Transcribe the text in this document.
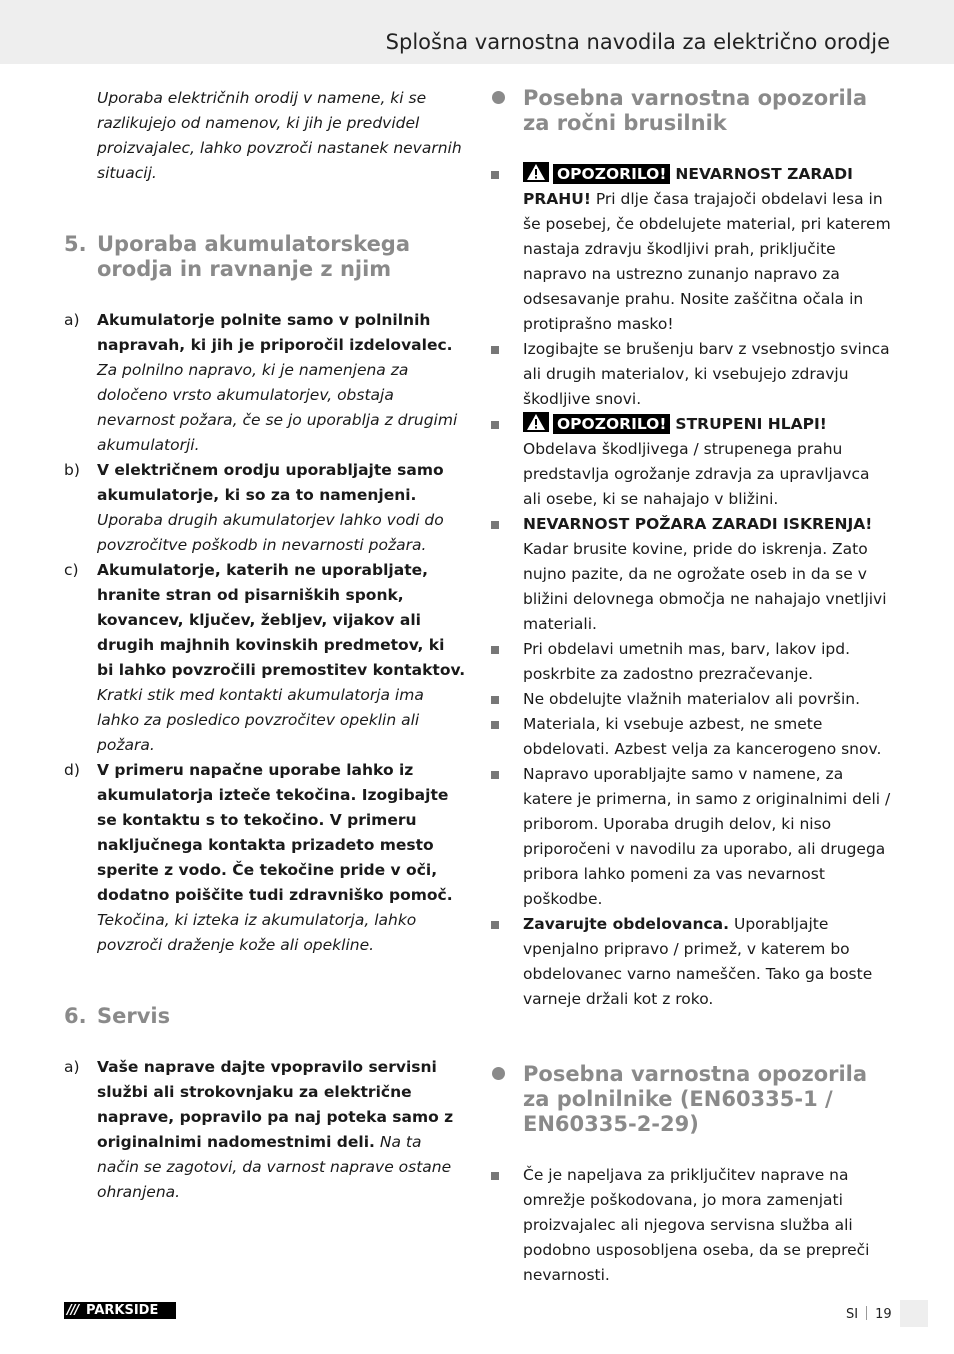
Splošna varnostna navodila za električno orodje
Uporaba električnih orodij v namene, ki se razlikujejo od namenov, ki jih je predvidel proizvajalec, lahko povzroči nastanek nevarnih situacij.
5. Uporaba akumulatorskega orodja in ravnanje z njim
a) Akumulatorje polnite samo v polnilnih napravah, ki jih je priporočil izdelovalec. Za polnilno napravo, ki je namenjena za določeno vrsto akumulatorjev, obstaja nevarnost požara, če se jo uporablja z drugimi akumulatorji.
b) V električnem orodju uporabljajte samo akumulatorje, ki so za to namenjeni. Uporaba drugih akumulatorjev lahko vodi do povzročitve poškodb in nevarnosti požara.
c) Akumulatorje, katerih ne uporabljate, hranite stran od pisarniških sponk, kovancev, ključev, žebljev, vijakov ali drugih majhnih kovinskih predmetov, ki bi lahko povzročili premostitev kontaktov. Kratki stik med kontakti akumulatorja ima lahko za posledico povzročitev opeklin ali požara.
d) V primeru napačne uporabe lahko iz akumulatorja izteče tekočina. Izogibajte se kontaktu s to tekočino. V primeru naključnega kontakta prizadeto mesto sperite z vodo. Če tekočine pride v oči, dodatno poiščite tudi zdravniško pomoč. Tekočina, ki izteka iz akumulatorja, lahko povzroči draženje kože ali opekline.
6. Servis
a) Vaše naprave dajte vpopravilo servisni službi ali strokovnjaku za električne naprave, popravilo pa naj poteka samo z originalnimi nadomestnimi deli. Na ta način se zagotovi, da varnost naprave ostane ohranjena.
Posebna varnostna opozorila za ročni brusilnik
OPOZORILO! NEVARNOST ZARADI PRAHU! Pri dlje časa trajajoči obdelavi lesa in še posebej, če obdelujete material, pri katerem nastaja zdravju škodljivi prah, priključite napravo na ustrezno zunanjo napravo za odsesavanje prahu. Nosite zaščitna očala in protiprašno masko!
Izogibajte se brušenju barv z vsebnostjo svinca ali drugih materialov, ki vsebujejo zdravju škodljive snovi.
OPOZORILO! STRUPENI HLAPI! Obdelava škodljivega / strupenega prahu predstavlja ogrožanje zdravja za upravljavca ali osebe, ki se nahajajo v bližini.
NEVARNOST POŽARA ZARADI ISKRENJA! Kadar brusite kovine, pride do iskrenja. Zato nujno pazite, da ne ogrožate oseb in da se v bližini delovnega območja ne nahajajo vnetljivi materiali.
Pri obdelavi umetnih mas, barv, lakov ipd. poskrbite za zadostno prezračevanje.
Ne obdelujte vlažnih materialov ali površin.
Materiala, ki vsebuje azbest, ne smete obdelovati. Azbest velja za kancerogeno snov.
Napravo uporabljajte samo v namene, za katere je primerna, in samo z originalnimi deli / priborom. Uporaba drugih delov, ki niso priporočeni v navodilu za uporabo, ali drugega pribora lahko pomeni za vas nevarnost poškodbe.
Zavarujte obdelovanca. Uporabljajte vpenjalno pripravo / primež, v katerem bo obdelovanec varno nameščen. Tako ga boste varneje držali kot z roko.
Posebna varnostna opozorila za polnilnike (EN60335-1 / EN60335-2-29)
Če je napeljava za priključitev naprave na omrežje poškodovana, jo mora zamenjati proizvajalec ali njegova servisna služba ali podobno usposobljena oseba, da se prepreči nevarnosti.
/// PARKSIDE	SI 19
